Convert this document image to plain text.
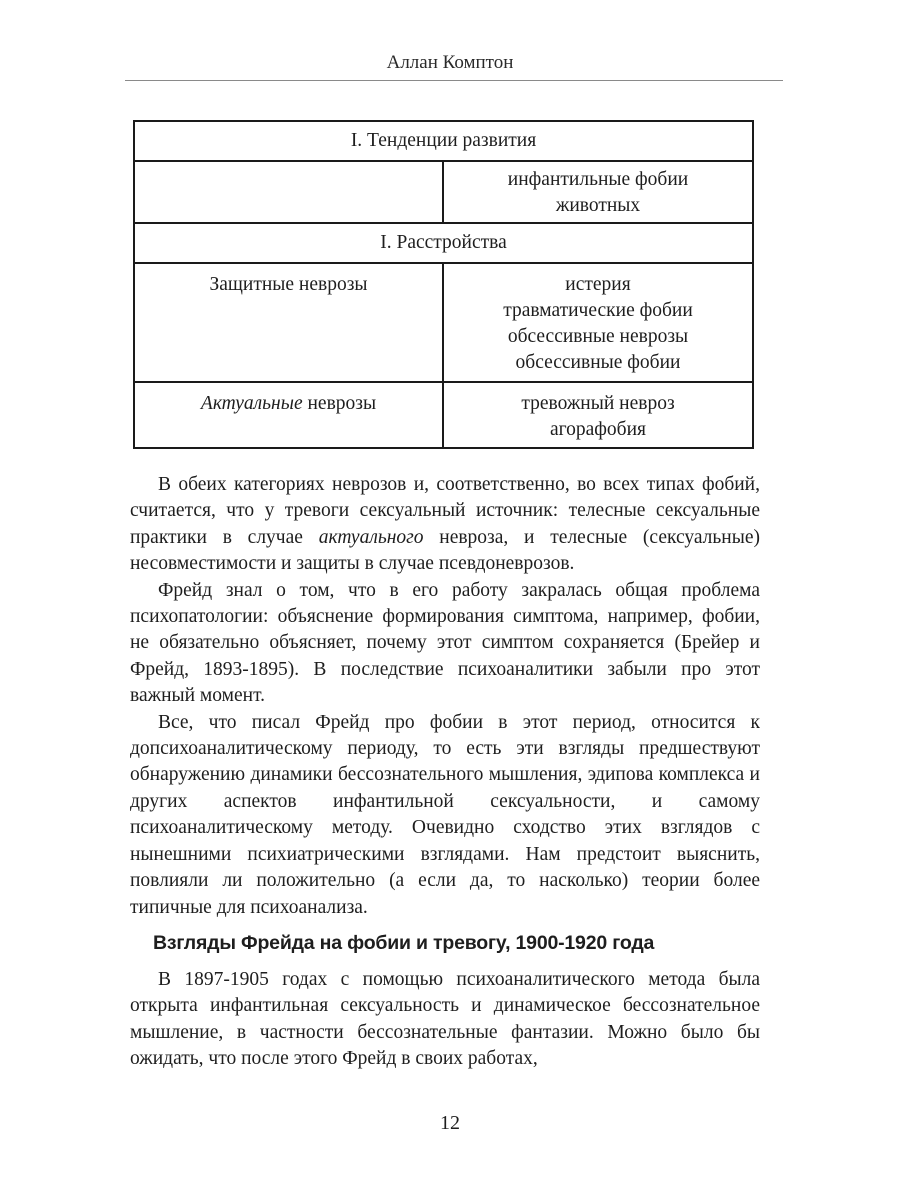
Аллан Комптон
I. Тенденции развития	

	инфантильные фобии
животных

I. Расстройства	
Защитные неврозы	истерия
травматические фобии
обсессивные неврозы
обсессивные фобии

Актуальные неврозы	тревожный невроз
агорафобия

В обеих категориях неврозов и, соответственно, во всех типах фобий, считается, что у тревоги сексуальный источник: телесные сексуальные практики в случае актуального невроза, и телесные (сексуальные) несовместимости и защиты в случае псевдоневрозов.

Фрейд знал о том, что в его работу закралась общая проблема психопатологии: объяснение формирования симптома, например, фобии, не обязательно объясняет, почему этот симптом сохраняется (Брейер и Фрейд, 1893-1895). В последствие психоаналитики забыли про этот важный момент.

Все, что писал Фрейд про фобии в этот период, относится к допсихоаналитическому периоду, то есть эти взгляды предшествуют обнаружению динамики бессознательного мышления, эдипова комплекса и других аспектов инфантильной сексуальности, и самому психоаналитическому методу. Очевидно сходство этих взглядов с нынешними психиатрическими взглядами. Нам предстоит выяснить, повлияли ли положительно (а если да, то насколько) теории более типичные для психоанализа.

Взгляды Фрейда на фобии и тревогу, 1900-1920 года

В 1897-1905 годах с помощью психоаналитического метода была открыта инфантильная сексуальность и динамическое бессознательное мышление, в частности бессознательные фантазии. Можно было бы ожидать, что после этого Фрейд в своих работах,

12
